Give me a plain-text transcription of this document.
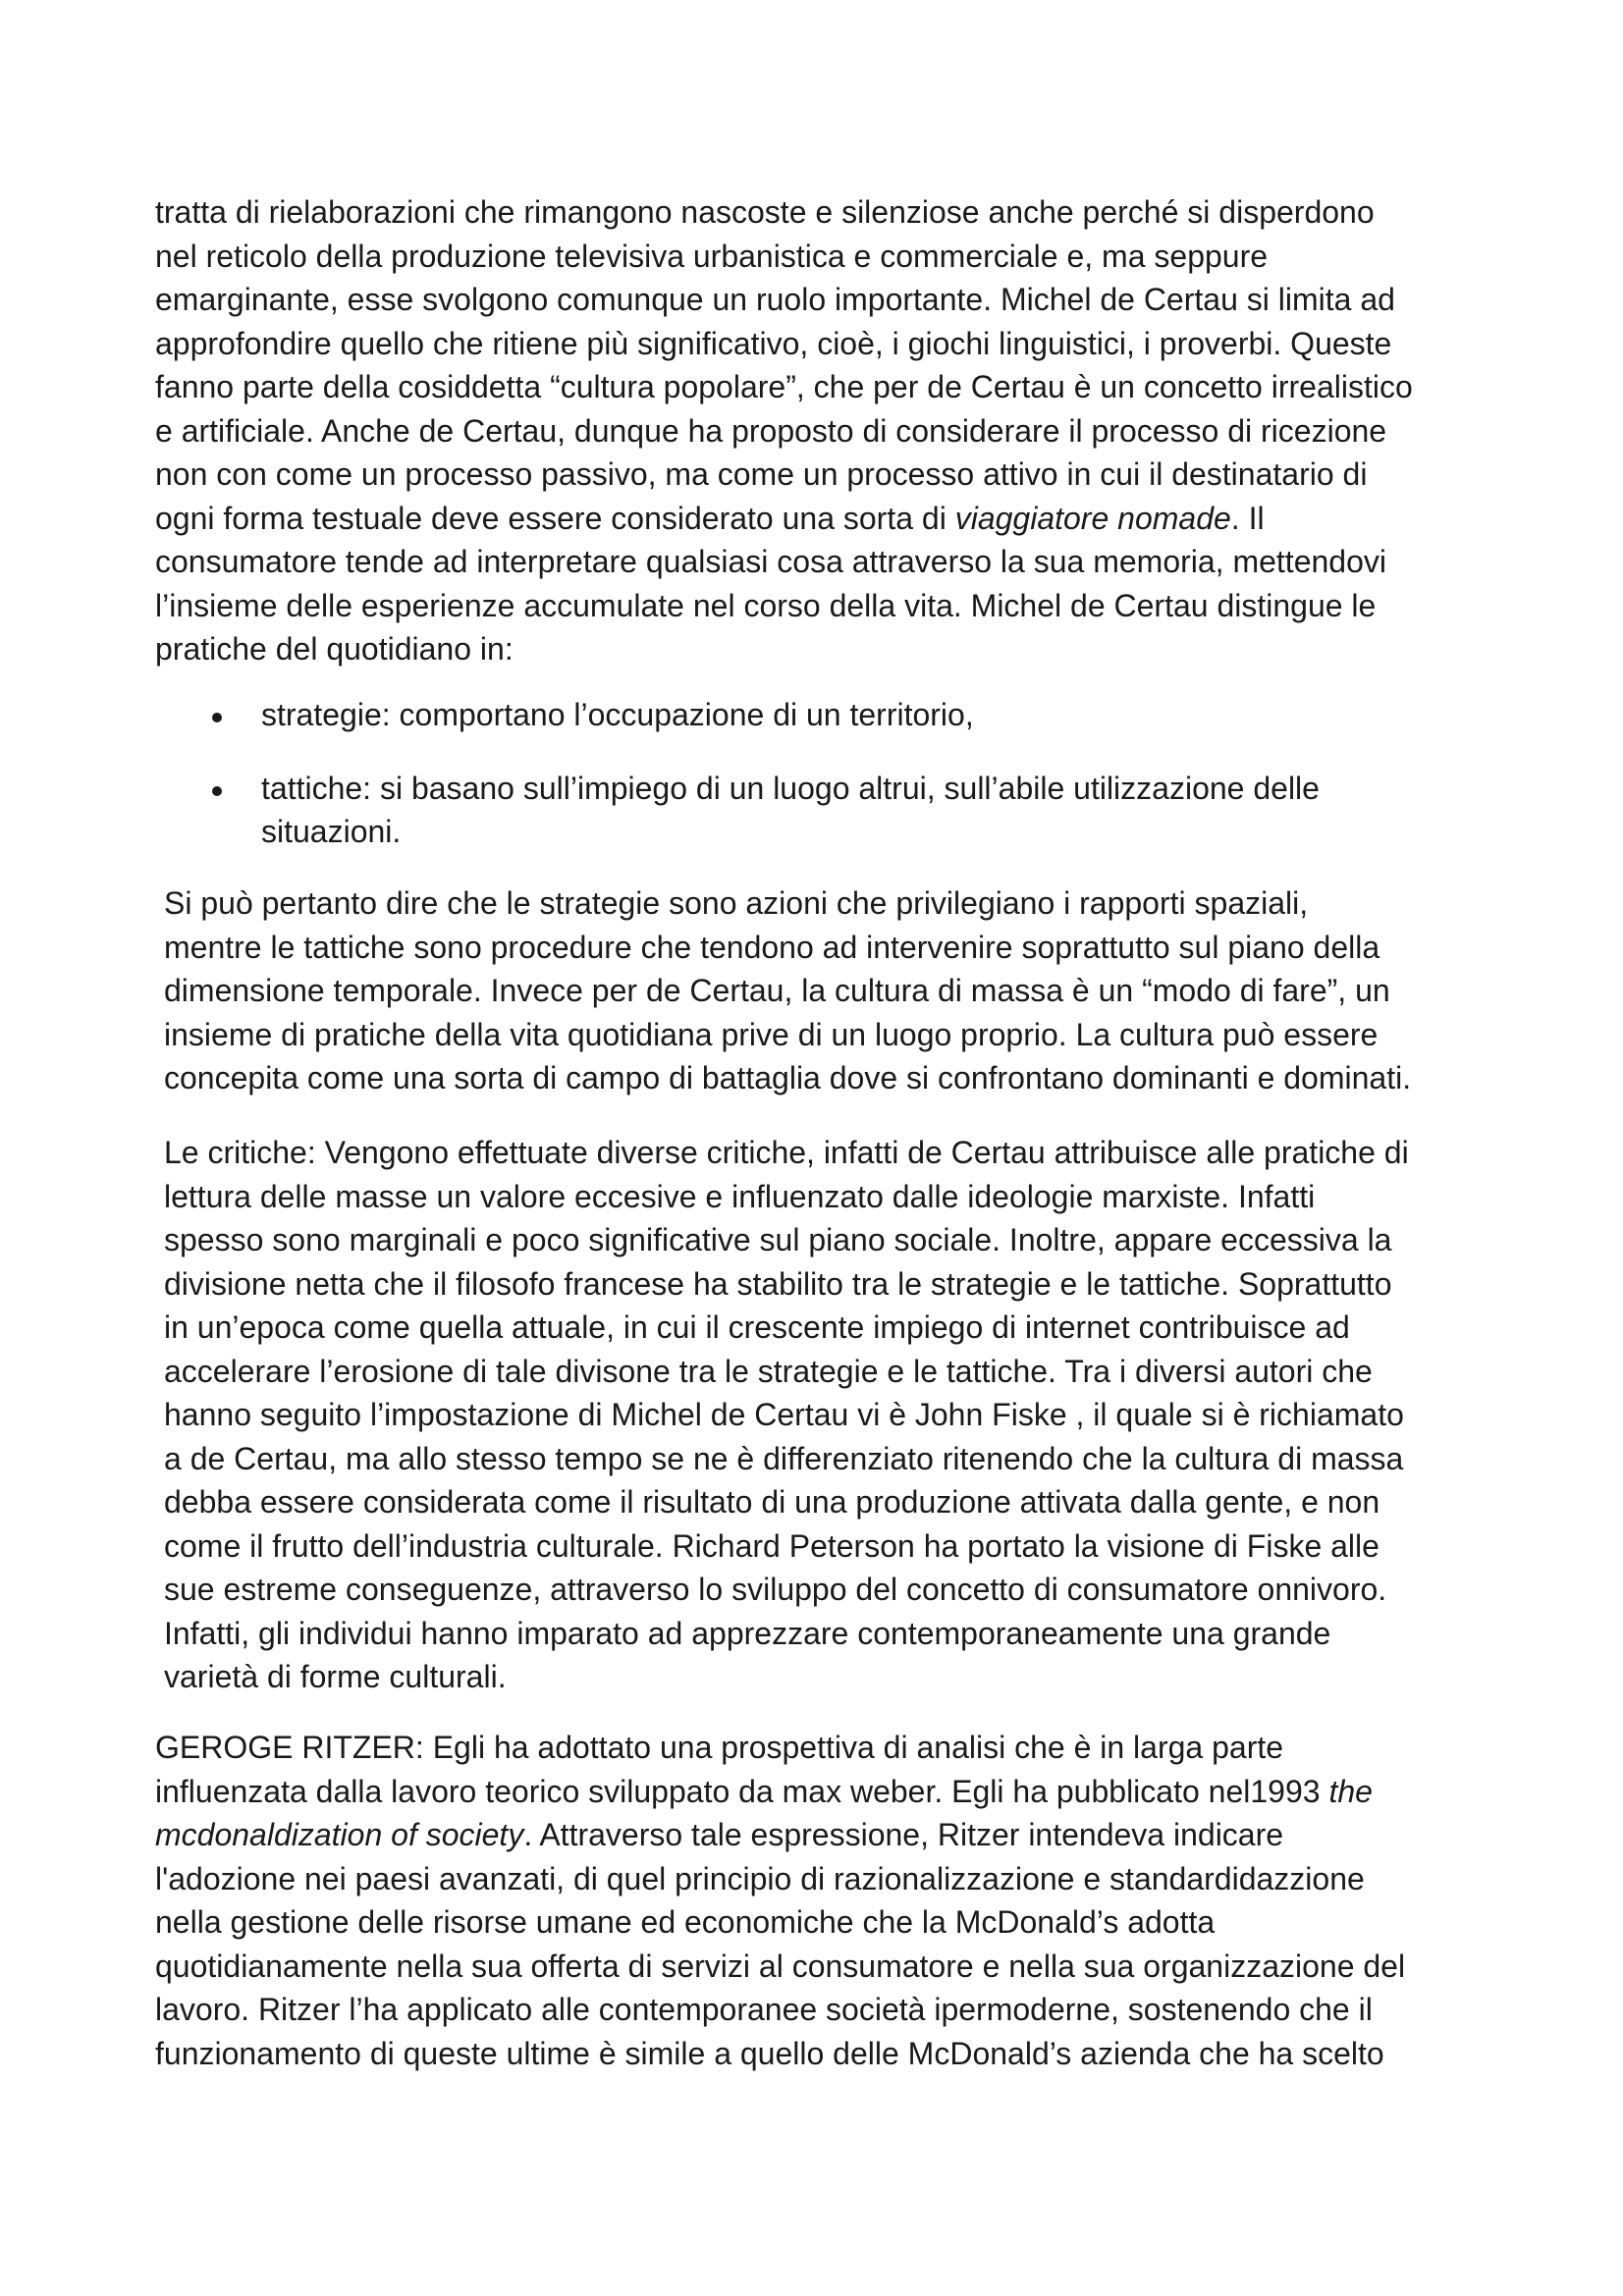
tratta di rielaborazioni che rimangono nascoste e silenziose anche perché si disperdono
nel reticolo della produzione televisiva urbanistica e commerciale e, ma seppure
emarginante, esse svolgono comunque un ruolo importante. Michel de Certau si limita ad
approfondire quello che ritiene più significativo, cioè, i giochi linguistici, i proverbi. Queste
fanno parte della cosiddetta “cultura popolare”, che per de Certau è un concetto irrealistico
e artificiale. Anche de Certau, dunque ha proposto di considerare il processo di ricezione
non con come un processo passivo, ma come un processo attivo in cui il destinatario di
ogni forma testuale deve essere considerato una sorta di viaggiatore nomade. Il
consumatore tende ad interpretare qualsiasi cosa attraverso la sua memoria, mettendovi
l’insieme delle esperienze accumulate nel corso della vita. Michel de Certau distingue le
pratiche del quotidiano in:
strategie: comportano l’occupazione di un territorio,
tattiche: si basano sull’impiego di un luogo altrui, sull’abile utilizzazione delle
situazioni.
Si può pertanto dire che le strategie sono azioni che privilegiano i rapporti spaziali,
mentre le tattiche sono procedure che tendono ad intervenire soprattutto sul piano della
dimensione temporale. Invece per de Certau, la cultura di massa è un “modo di fare”, un
insieme di pratiche della vita quotidiana prive di un luogo proprio. La cultura può essere
concepita come una sorta di campo di battaglia dove si confrontano dominanti e dominati.
Le critiche: Vengono effettuate diverse critiche, infatti de Certau attribuisce alle pratiche di
lettura delle masse un valore eccesive e influenzato dalle ideologie marxiste. Infatti
spesso sono marginali e poco significative sul piano sociale. Inoltre, appare eccessiva la
divisione netta che il filosofo francese ha stabilito tra le strategie e le tattiche. Soprattutto
in un’epoca come quella attuale, in cui il crescente impiego di internet contribuisce ad
accelerare l’erosione di tale divisone tra le strategie e le tattiche. Tra i diversi autori che
hanno seguito l’impostazione di Michel de Certau vi è John Fiske , il quale si è richiamato
a de Certau, ma allo stesso tempo se ne è differenziato ritenendo che la cultura di massa
debba essere considerata come il risultato di una produzione attivata dalla gente, e non
come il frutto dell’industria culturale. Richard Peterson ha portato la visione di Fiske alle
sue estreme conseguenze, attraverso lo sviluppo del concetto di consumatore onnivoro.
Infatti, gli individui hanno imparato ad apprezzare contemporaneamente una grande
varietà di forme culturali.
GEROGE RITZER: Egli ha adottato una prospettiva di analisi che è in larga parte
influenzata dalla lavoro teorico sviluppato da max weber. Egli ha pubblicato nel1993 the
mcdonaldization of society. Attraverso tale espressione, Ritzer intendeva indicare
l'adozione nei paesi avanzati, di quel principio di razionalizzazione e standardidazzione
nella gestione delle risorse umane ed economiche che la McDonald’s adotta
quotidianamente nella sua offerta di servizi al consumatore e nella sua organizzazione del
lavoro. Ritzer l’ha applicato alle contemporanee società ipermoderne, sostenendo che il
funzionamento di queste ultime è simile a quello delle McDonald’s azienda che ha scelto
